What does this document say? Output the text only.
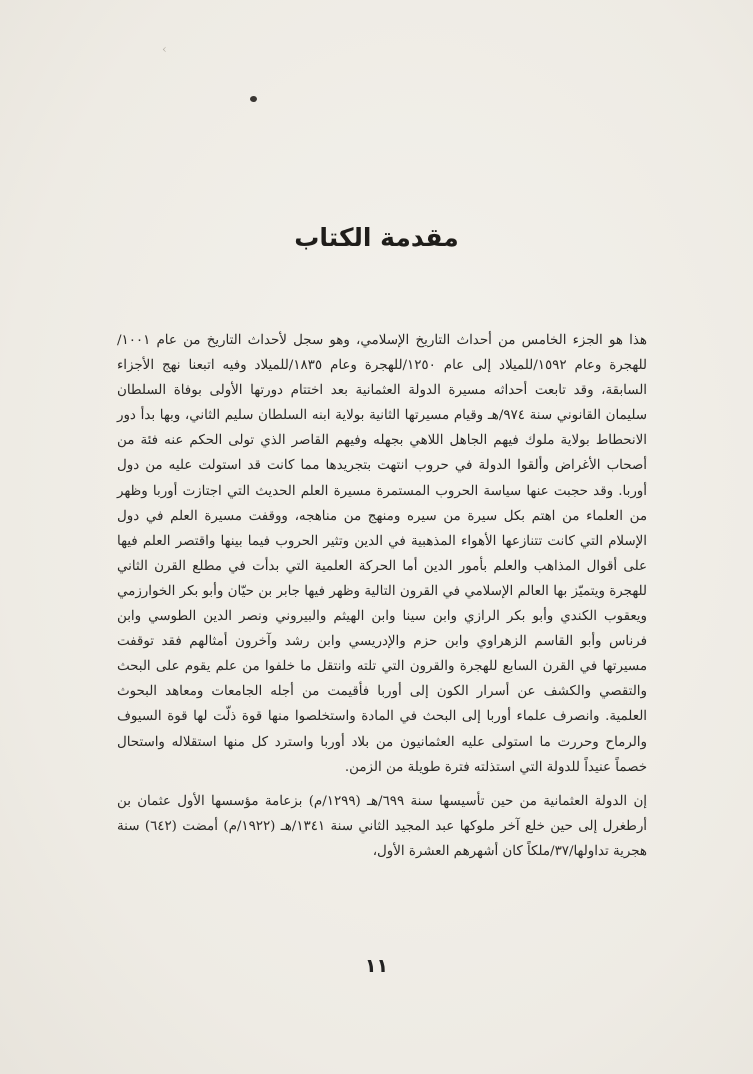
‹
مقدمة الكتاب

هذا هو الجزء الخامس من أحداث التاريخ الإسلامي، وهو سجل لأحداث التاريخ من عام ١٠٠١/للهجرة وعام ١٥٩٢/للميلاد إلى عام ١٢٥٠/للهجرة وعام ١٨٣٥/للميلاد وفيه اتبعنا نهج الأجزاء السابقة، وقد تابعت أحداثه مسيرة الدولة العثمانية بعد اختتام دورتها الأولى بوفاة السلطان سليمان القانوني سنة ٩٧٤/هـ وقيام مسيرتها الثانية بولاية ابنه السلطان سليم الثاني، وبها بدأ دور الانحطاط بولاية ملوك فيهم الجاهل اللاهي بجهله وفيهم القاصر الذي تولى الحكم عنه فئة من أصحاب الأغراض وألقوا الدولة في حروب انتهت بتجريدها مما كانت قد استولت عليه من دول أوربا. وقد حجبت عنها سياسة الحروب المستمرة مسيرة العلم الحديث التي اجتازت أوربا وظهر من العلماء من اهتم بكل سيرة من سيره ومنهج من مناهجه، ووقفت مسيرة العلم في دول الإسلام التي كانت تتنازعها الأهواء المذهبية في الدين وتثير الحروب فيما بينها واقتصر العلم فيها على أقوال المذاهب والعلم بأمور الدين أما الحركة العلمية التي بدأت في مطلع القرن الثاني للهجرة ويتميّز بها العالم الإسلامي في القرون التالية وظهر فيها جابر بن حيّان وأبو بكر الخوارزمي ويعقوب الكندي وأبو بكر الرازي وابن سينا وابن الهيثم والبيروني ونصر الدين الطوسي وابن فرناس وأبو القاسم الزهراوي وابن حزم والإدريسي وابن رشد وآخرون أمثالهم فقد توقفت مسيرتها في القرن السابع للهجرة والقرون التي تلته وانتقل ما خلفوا من علم يقوم على البحث والتقصي والكشف عن أسرار الكون إلى أوربا فأقيمت من أجله الجامعات ومعاهد البحوث العلمية. وانصرف علماء أوربا إلى البحث في المادة واستخلصوا منها قوة ذلّت لها قوة السيوف والرماح وحررت ما استولى عليه العثمانيون من بلاد أوربا واسترد كل منها استقلاله واستحال خصماً عنيداً للدولة التي استذلته فترة طويلة من الزمن.

إن الدولة العثمانية من حين تأسيسها سنة ٦٩٩/هـ (١٢٩٩/م) بزعامة مؤسسها الأول عثمان بن أرطغرل إلى حين خلع آخر ملوكها عبد المجيد الثاني سنة ١٣٤١/هـ (١٩٢٢/م) أمضت (٦٤٢) سنة هجرية تداولها/٣٧/ملكاً كان أشهرهم العشرة الأول،

١١
